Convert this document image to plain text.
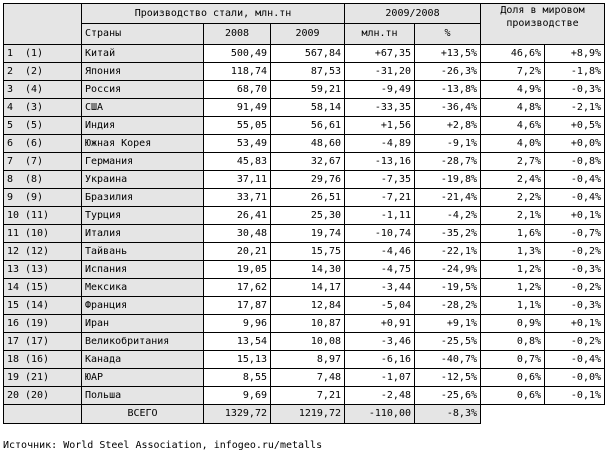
	Производство стали, млн.тн			2009/2008		Доля в мировом
производстве	

	Страны	2008	2009	млн.тн	%		
1 (1)	Китай	500,49	567,84	+67,35	+13,5%	46,6%	+8,9%
2 (2)	Япония	118,74	87,53	-31,20	-26,3%	7,2%	-1,8%
3 (4)	Россия	68,70	59,21	-9,49	-13,8%	4,9%	-0,3%
4 (3)	США	91,49	58,14	-33,35	-36,4%	4,8%	-2,1%
5 (5)	Индия	55,05	56,61	+1,56	+2,8%	4,6%	+0,5%
6 (6)	Южная Корея	53,49	48,60	-4,89	-9,1%	4,0%	+0,0%
7 (7)	Германия	45,83	32,67	-13,16	-28,7%	2,7%	-0,8%
8 (8)	Украина	37,11	29,76	-7,35	-19,8%	2,4%	-0,4%
9 (9)	Бразилия	33,71	26,51	-7,21	-21,4%	2,2%	-0,4%
10 (11)	Турция	26,41	25,30	-1,11	-4,2%	2,1%	+0,1%
11 (10)	Италия	30,48	19,74	-10,74	-35,2%	1,6%	-0,7%
12 (12)	Тайвань	20,21	15,75	-4,46	-22,1%	1,3%	-0,2%
13 (13)	Испания	19,05	14,30	-4,75	-24,9%	1,2%	-0,3%
14 (15)	Мексика	17,62	14,17	-3,44	-19,5%	1,2%	-0,2%
15 (14)	Франция	17,87	12,84	-5,04	-28,2%	1,1%	-0,3%
16 (19)	Иран	9,96	10,87	+0,91	+9,1%	0,9%	+0,1%
17 (17)	Великобритания	13,54	10,08	-3,46	-25,5%	0,8%	-0,2%
18 (16)	Канада	15,13	8,97	-6,16	-40,7%	0,7%	-0,4%
19 (21)	ЮАР	8,55	7,48	-1,07	-12,5%	0,6%	-0,0%
20 (20)	Польша	9,69	7,21	-2,48	-25,6%	0,6%	-0,1%
	ВСЕГО	1329,72	1219,72	-110,00	-8,3%		
Источник: World Steel Association, infogeo.ru/metalls
